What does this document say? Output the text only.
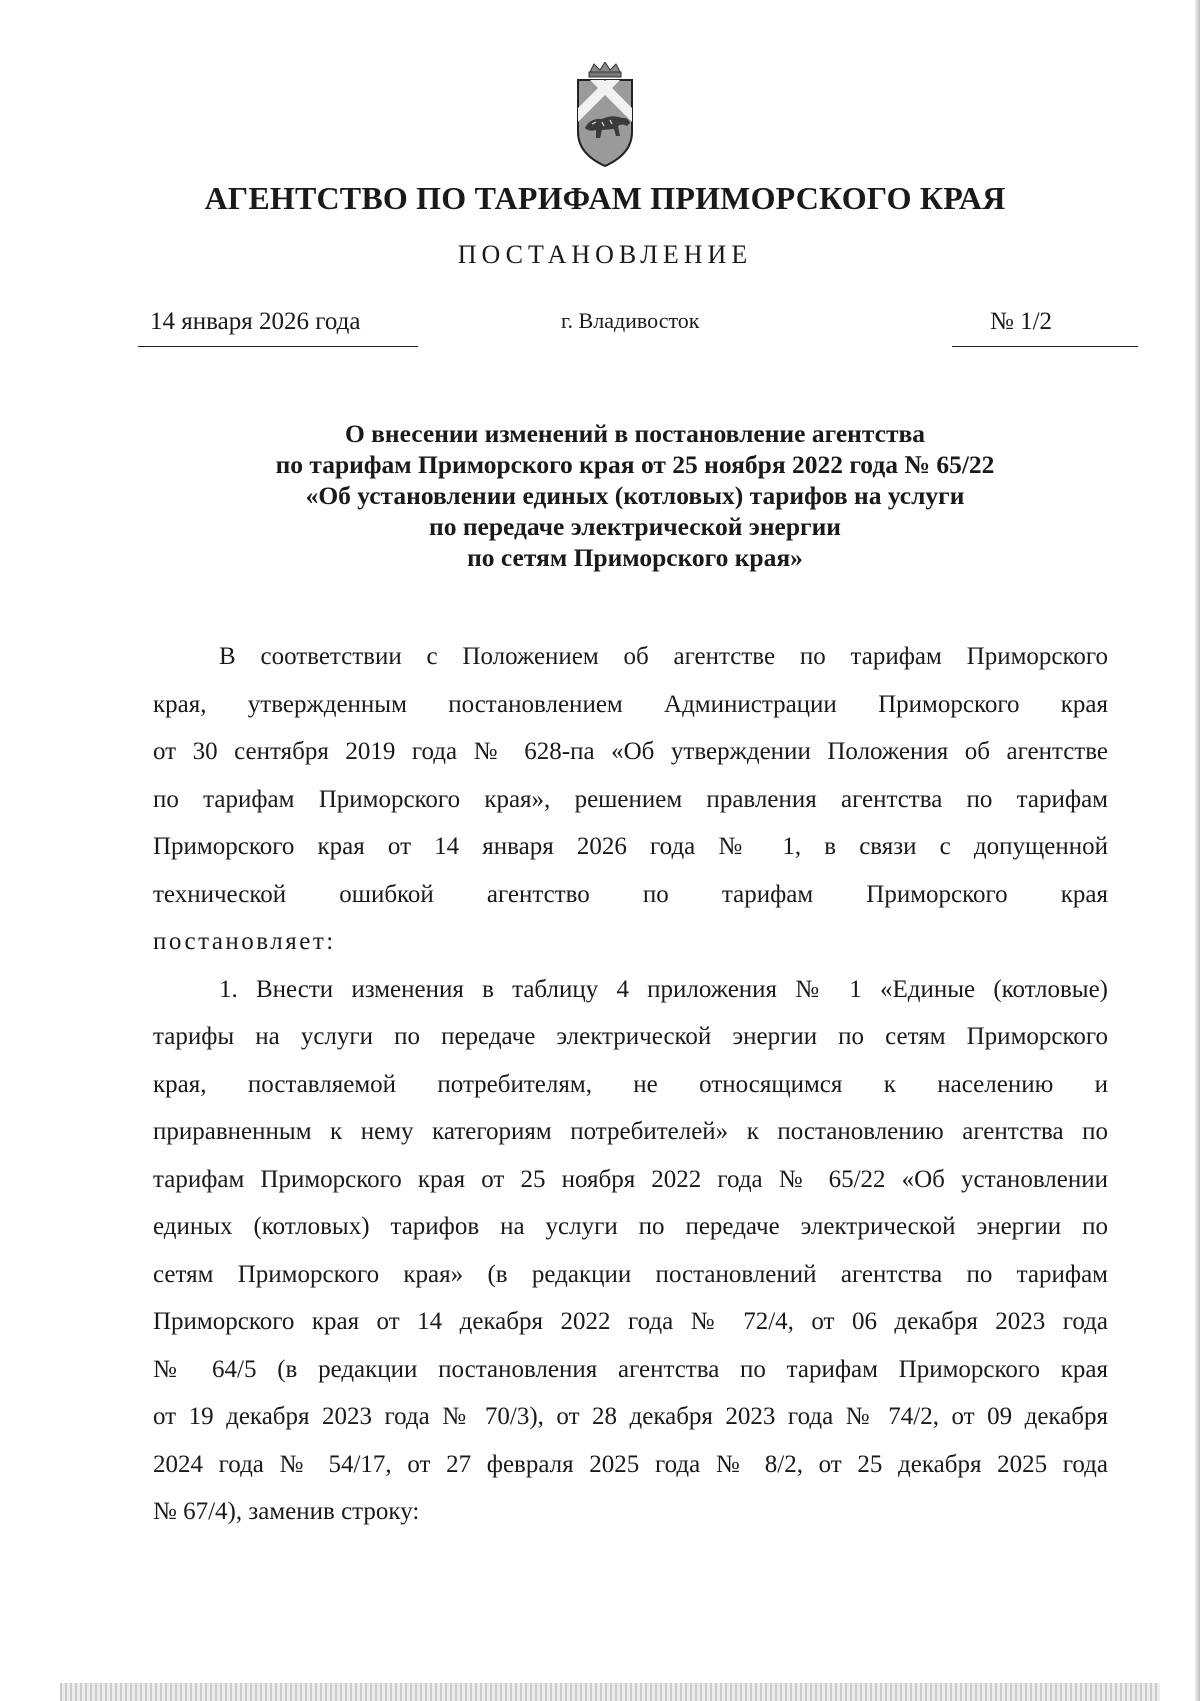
АГЕНТСТВО ПО ТАРИФАМ ПРИМОРСКОГО КРАЯ
ПОСТАНОВЛЕНИЕ
14 января 2026 года	г. Владивосток	№ 1/2
О внесении изменений в постановление агентства
по тарифам Приморского края от 25 ноября 2022 года № 65/22
«Об установлении единых (котловых) тарифов на услуги
по передаче электрической энергии
по сетям Приморского края»
В соответствии с Положением об агентстве по тарифам Приморского
края, утвержденным постановлением Администрации Приморского края
от 30 сентября 2019 года № 628-па «Об утверждении Положения об агентстве
по тарифам Приморского края», решением правления агентства по тарифам
Приморского края от 14 января 2026 года № 1, в связи с допущенной
технической ошибкой агентство по тарифам Приморского края
постановляет:
1. Внести изменения в таблицу 4 приложения № 1 «Единые (котловые)
тарифы на услуги по передаче электрической энергии по сетям Приморского
края, поставляемой потребителям, не относящимся к населению и
приравненным к нему категориям потребителей» к постановлению агентства по
тарифам Приморского края от 25 ноября 2022 года № 65/22 «Об установлении
единых (котловых) тарифов на услуги по передаче электрической энергии по
сетям Приморского края» (в редакции постановлений агентства по тарифам
Приморского края от 14 декабря 2022 года № 72/4, от 06 декабря 2023 года
№ 64/5 (в редакции постановления агентства по тарифам Приморского края
от 19 декабря 2023 года № 70/3), от 28 декабря 2023 года № 74/2, от 09 декабря
2024 года № 54/17, от 27 февраля 2025 года № 8/2, от 25 декабря 2025 года
№ 67/4), заменив строку:
